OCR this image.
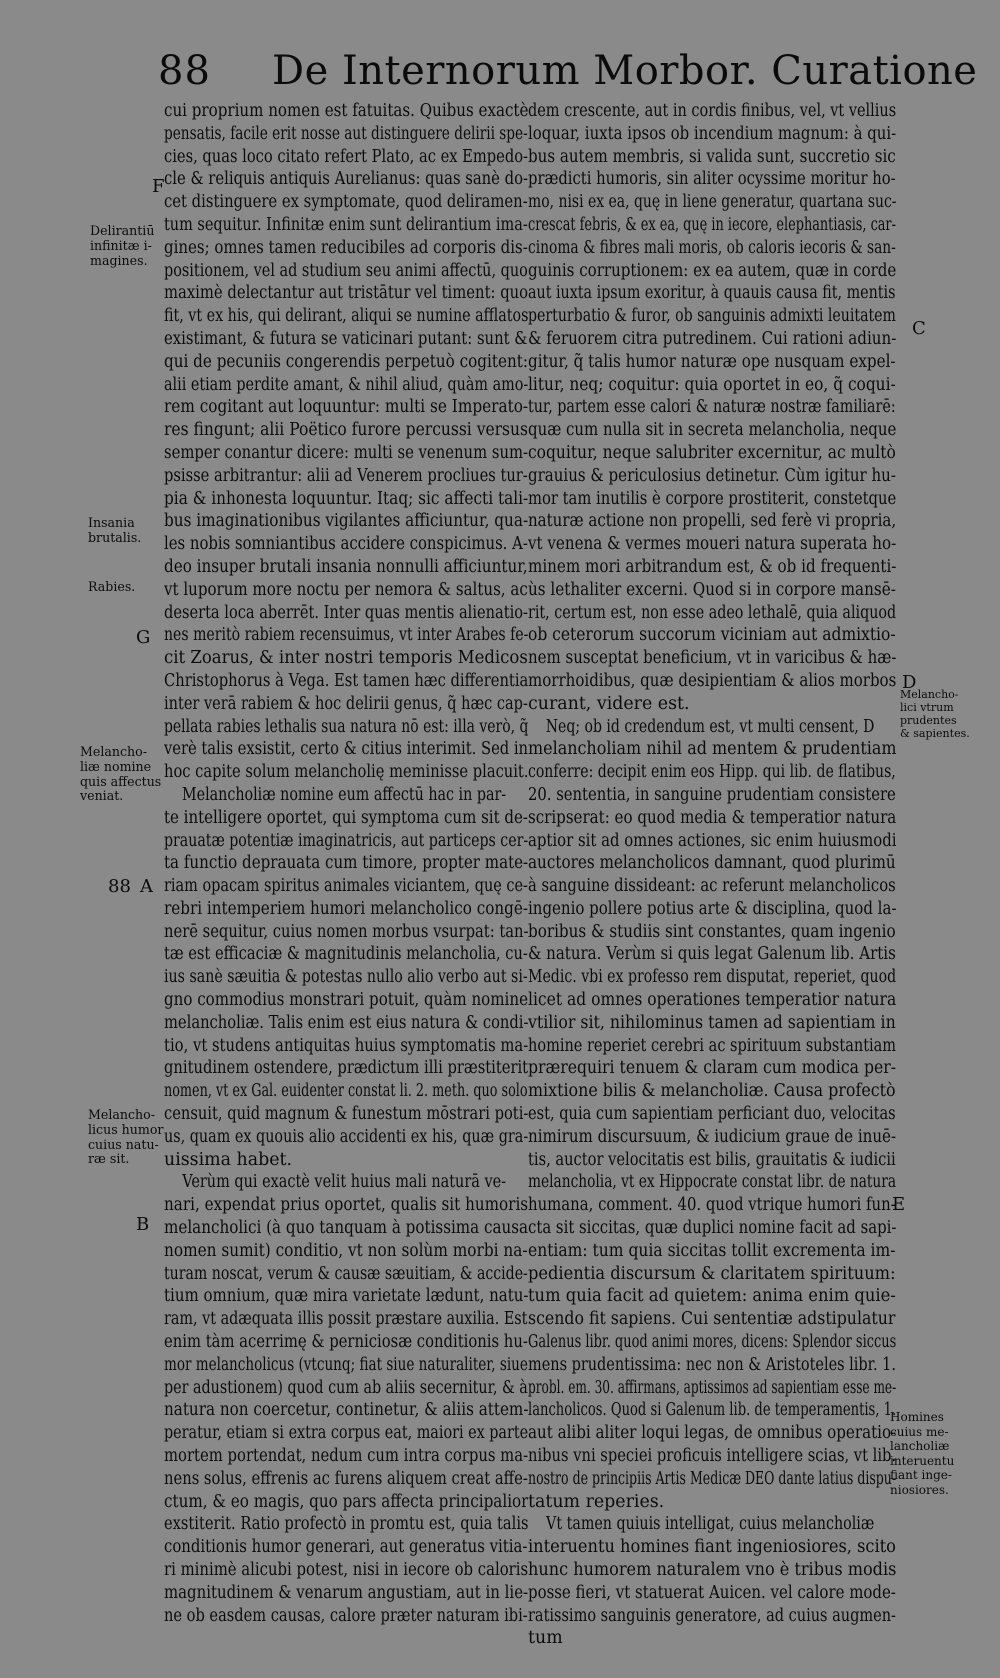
88 De Internorum Morbor. Curatione
F
G
88 A
B
C
D
E
Delirantiū
infinitæ i-
magines.
Insania
brutalis.
Rabies.
Melancho-
liæ nomine
quis affectus
veniat.
Melancho-
licus humor
cuius natu-
ræ sit.
Melancho-
lici vtrum
prudentes
& sapientes.
Homines
cuius me-
lancholiæ
interuentu
fiant inge-
niosiores.
cui proprium nomen est fatuitas. Quibus exactè
pensatis, facile erit nosse aut distinguere delirii spe-
cies, quas loco citato refert Plato, ac ex Empedo-
cle & reliquis antiquis Aurelianus: quas sanè do-
cet distinguere ex symptomate, quod deliramen-
tum sequitur. Infinitæ enim sunt delirantium ima-
gines; omnes tamen reducibiles ad corporis dis-
positionem, vel ad studium seu animi affectū, quo
maximè delectantur aut tristātur vel timent: quo
fit, vt ex his, qui delirant, aliqui se numine afflatos
existimant, & futura se vaticinari putant: sunt &
qui de pecuniis congerendis perpetuò cogitent:
alii etiam perdite amant, & nihil aliud, quàm amo-
rem cogitant aut loquuntur: multi se Imperato-
res fingunt; alii Poëtico furore percussi versus
semper conantur dicere: multi se venenum sum-
psisse arbitrantur: alii ad Venerem procliues tur-
pia & inhonesta loquuntur. Itaq; sic affecti tali-
bus imaginationibus vigilantes afficiuntur, qua-
les nobis somniantibus accidere conspicimus. A-
deo insuper brutali insania nonnulli afficiuntur,
vt luporum more noctu per nemora & saltus, ac
deserta loca aberrēt. Inter quas mentis alienatio-
nes meritò rabiem recensuimus, vt inter Arabes fe-
cit Zoarus, & inter nostri temporis Medicos
Christophorus à Vega. Est tamen hæc differentia
inter verā rabiem & hoc delirii genus, q̃ hæc cap-
pellata rabies lethalis sua natura nō est: illa verò, q̃
verè talis exsistit, certo & citius interimit. Sed in
hoc capite solum melancholię meminisse placuit.
Melancholiæ nomine eum affectū hac in par-
te intelligere oportet, qui symptoma cum sit de-
prauatæ potentiæ imaginatricis, aut particeps cer-
ta functio deprauata cum timore, propter mate-
riam opacam spiritus animales viciantem, quę ce-
rebri intemperiem humori melancholico congē-
nerē sequitur, cuius nomen morbus vsurpat: tan-
tæ est efficaciæ & magnitudinis melancholia, cu-
ius sanè sæuitia & potestas nullo alio verbo aut si-
gno commodius monstrari potuit, quàm nomine
melancholiæ. Talis enim est eius natura & condi-
tio, vt studens antiquitas huius symptomatis ma-
gnitudinem ostendere, prædictum illi præstiterit
nomen, vt ex Gal. euidenter constat li. 2. meth. quo solo
censuit, quid magnum & funestum mōstrari poti-
us, quam ex quouis alio accidenti ex his, quæ gra-
uissima habet.
Verùm qui exactè velit huius mali naturā ve-
nari, expendat prius oportet, qualis sit humoris
melancholici (à quo tanquam à potissima causa
nomen sumit) conditio, vt non solùm morbi na-
turam noscat, verum & causæ sæuitiam, & accide-
tium omnium, quæ mira varietate lædunt, natu-
ram, vt adæquata illis possit præstare auxilia. Est
enim tàm acerrimę & perniciosæ conditionis hu-
mor melancholicus (vtcunq; fiat siue naturaliter, siue
per adustionem) quod cum ab aliis secernitur, & à
natura non coercetur, continetur, & aliis attem-
peratur, etiam si extra corpus eat, maiori ex parte
mortem portendat, nedum cum intra corpus ma-
nens solus, effrenis ac furens aliquem creat affe-
ctum, & eo magis, quo pars affecta principalior
exstiterit. Ratio profectò in promtu est, quia talis
conditionis humor generari, aut generatus vitia-
ri minimè alicubi potest, nisi in iecore ob caloris
magnitudinem & venarum angustiam, aut in lie-
ne ob easdem causas, calore præter naturam ibi-
dem crescente, aut in cordis finibus, vel, vt vellius
loquar, iuxta ipsos ob incendium magnum: à qui-
bus autem membris, si valida sunt, succretio sic
prædicti humoris, sin aliter ocyssime moritur ho-
mo, nisi ex ea, quę in liene generatur, quartana suc-
crescat febris, & ex ea, quę in iecore, elephantiasis, car-
cinoma & fibres mali moris, ob caloris iecoris & san-
guinis corruptionem: ex ea autem, quæ in corde
aut iuxta ipsum exoritur, à quauis causa fit, mentis
perturbatio & furor, ob sanguinis admixti leuitatem
& feruorem citra putredinem. Cui rationi adiun-
gitur, q̃ talis humor naturæ ope nusquam expel-
litur, neq; coquitur: quia oportet in eo, q̃ coqui-
tur, partem esse calori & naturæ nostræ familiarē:
quæ cum nulla sit in secreta melancholia, neque
coquitur, neque salubriter excernitur, ac multò
grauius & periculosius detinetur. Cùm igitur hu-
mor tam inutilis è corpore prostiterit, constetque
naturæ actione non propelli, sed ferè vi propria,
vt venena & vermes moueri natura superata ho-
minem mori arbitrandum est, & ob id frequenti-
ùs lethaliter excerni. Quod si in corpore mansē-
rit, certum est, non esse adeo lethalē, quia aliquod
ob ceterorum succorum viciniam aut admixtio-
nem susceptat beneficium, vt in varicibus & hæ-
morrhoidibus, quæ desipientiam & alios morbos
curant, videre est.
Neq; ob id credendum est, vt multi censent, D
melancholiam nihil ad mentem & prudentiam
conferre: decipit enim eos Hipp. qui lib. de flatibus,
20. sententia, in sanguine prudentiam consistere
scripserat: eo quod media & temperatior natura
aptior sit ad omnes actiones, sic enim huiusmodi
auctores melancholicos damnant, quod plurimū
à sanguine dissideant: ac referunt melancholicos
ingenio pollere potius arte & disciplina, quod la-
boribus & studiis sint constantes, quam ingenio
& natura. Verùm si quis legat Galenum lib. Artis
Medic. vbi ex professo rem disputat, reperiet, quod
licet ad omnes operationes temperatior natura
vtilior sit, nihilominus tamen ad sapientiam in
homine reperiet cerebri ac spirituum substantiam
prærequiri tenuem & claram cum modica per-
mixtione bilis & melancholiæ. Causa profectò
est, quia cum sapientiam perficiant duo, velocitas
nimirum discursuum, & iudicium graue de inuē-
tis, auctor velocitatis est bilis, grauitatis & iudicii
melancholia, vt ex Hippocrate constat libr. de natura
humana, comment. 40. quod vtrique humori fun-
cta sit siccitas, quæ duplici nomine facit ad sapi-
entiam: tum quia siccitas tollit excrementa im-
pedientia discursum & claritatem spirituum:
tum quia facit ad quietem: anima enim quie-
scendo fit sapiens. Cui sententiæ adstipulatur
Galenus libr. quod animi mores, dicens: Splendor siccus
mens prudentissima: nec non & Aristoteles libr. 1.
probl. em. 30. affirmans, aptissimos ad sapientiam esse me-
lancholicos. Quod si Galenum lib. de temperamentis, 1.
aut alibi aliter loqui legas, de omnibus operatio-
nibus vni speciei proficuis intelligere scias, vt lib.
nostro de principiis Artis Medicæ DEO dante latius dispu-
tatum reperies.
Vt tamen quiuis intelligat, cuius melancholiæ
interuentu homines fiant ingeniosiores, scito
hunc humorem naturalem vno è tribus modis
posse fieri, vt statuerat Auicen. vel calore mode-
ratissimo sanguinis generatore, ad cuius augmen-
tum
